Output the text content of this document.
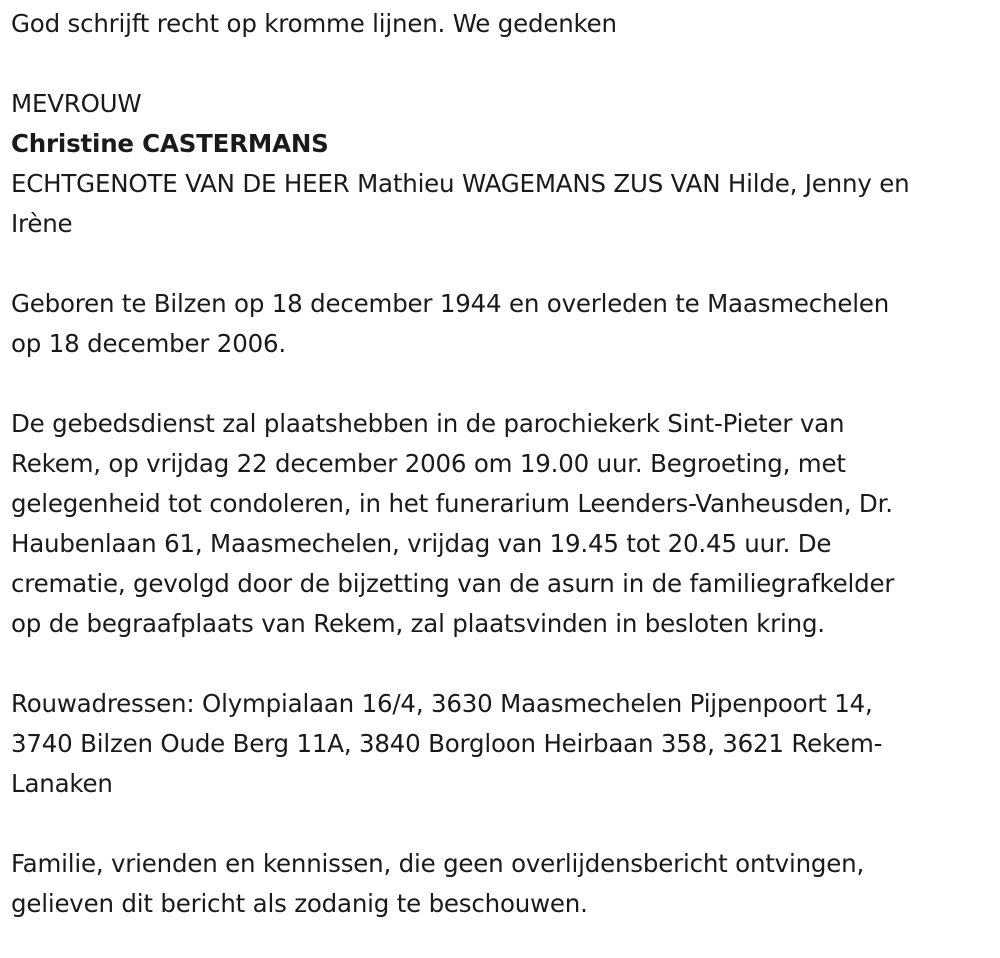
God schrijft recht op kromme lijnen. We gedenken

MEVROUW

Christine CASTERMANS

ECHTGENOTE VAN DE HEER Mathieu WAGEMANS ZUS VAN Hilde, Jenny en

Irène

Geboren te Bilzen op 18 december 1944 en overleden te Maasmechelen

op 18 december 2006.

De gebedsdienst zal plaatshebben in de parochiekerk Sint-Pieter van

Rekem, op vrijdag 22 december 2006 om 19.00 uur. Begroeting, met

gelegenheid tot condoleren, in het funerarium Leenders-Vanheusden, Dr.

Haubenlaan 61, Maasmechelen, vrijdag van 19.45 tot 20.45 uur. De

crematie, gevolgd door de bijzetting van de asurn in de familiegrafkelder

op de begraafplaats van Rekem, zal plaatsvinden in besloten kring.

Rouwadressen: Olympialaan 16/4, 3630 Maasmechelen Pijpenpoort 14,

3740 Bilzen Oude Berg 11A, 3840 Borgloon Heirbaan 358, 3621 Rekem-

Lanaken

Familie, vrienden en kennissen, die geen overlijdensbericht ontvingen,

gelieven dit bericht als zodanig te beschouwen.
